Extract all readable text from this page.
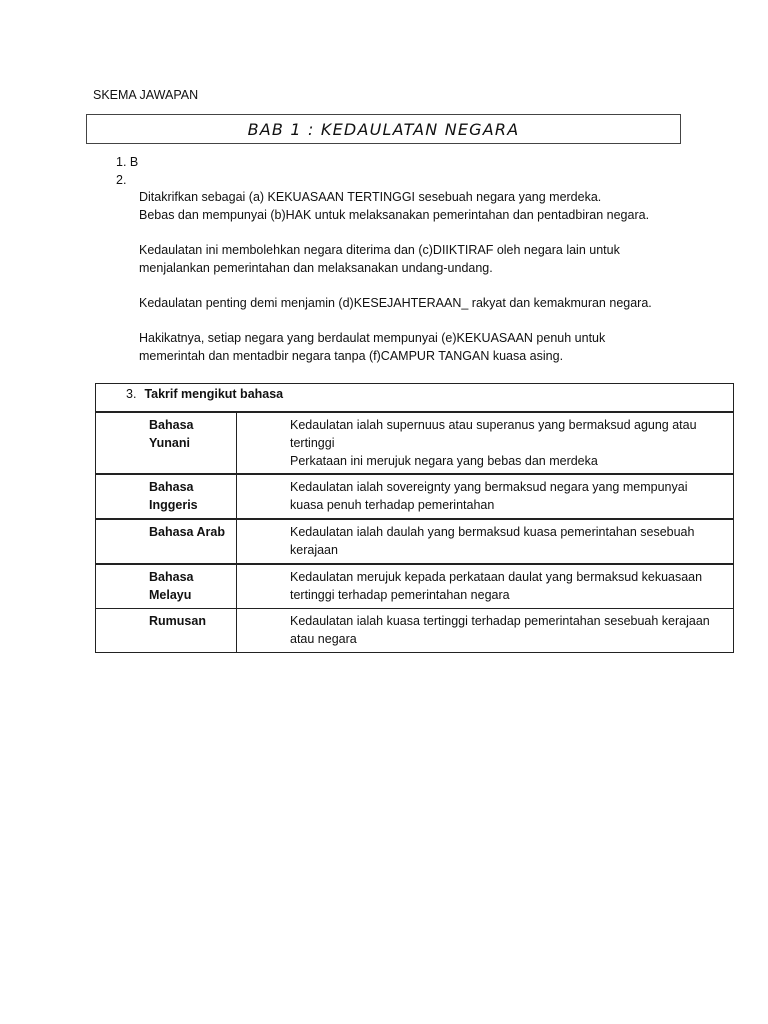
SKEMA JAWAPAN
BAB 1 : KEDAULATAN NEGARA
1. B
2.
Ditakrifkan sebagai (a) KEKUASAAN TERTINGGI sesebuah negara yang merdeka.
Bebas dan mempunyai (b)HAK untuk melaksanakan pemerintahan dan pentadbiran negara.
Kedaulatan ini membolehkan negara diterima dan (c)DIIKTIRAF oleh negara lain untuk
menjalankan pemerintahan dan melaksanakan undang-undang.
Kedaulatan penting demi menjamin (d)KESEJAHTERAAN_ rakyat dan kemakmuran negara.
Hakikatnya, setiap negara yang berdaulat mempunyai (e)KEKUASAAN penuh untuk
memerintah dan mentadbir negara tanpa (f)CAMPUR TANGAN kuasa asing.
3. Takrif mengikut bahasa	

Bahasa
Yunani	Kedaulatan ialah supernuus atau superanus yang bermaksud agung atau
tertinggi
Perkataan ini merujuk negara yang bebas dan merdeka

Bahasa
Inggeris	Kedaulatan ialah sovereignty yang bermaksud negara yang mempunyai
kuasa penuh terhadap pemerintahan

Bahasa Arab	Kedaulatan ialah daulah yang bermaksud kuasa pemerintahan sesebuah
kerajaan

Bahasa
Melayu	Kedaulatan merujuk kepada perkataan daulat yang bermaksud kekuasaan
tertinggi terhadap pemerintahan negara

Rumusan	Kedaulatan ialah kuasa tertinggi terhadap pemerintahan sesebuah kerajaan
atau negara
